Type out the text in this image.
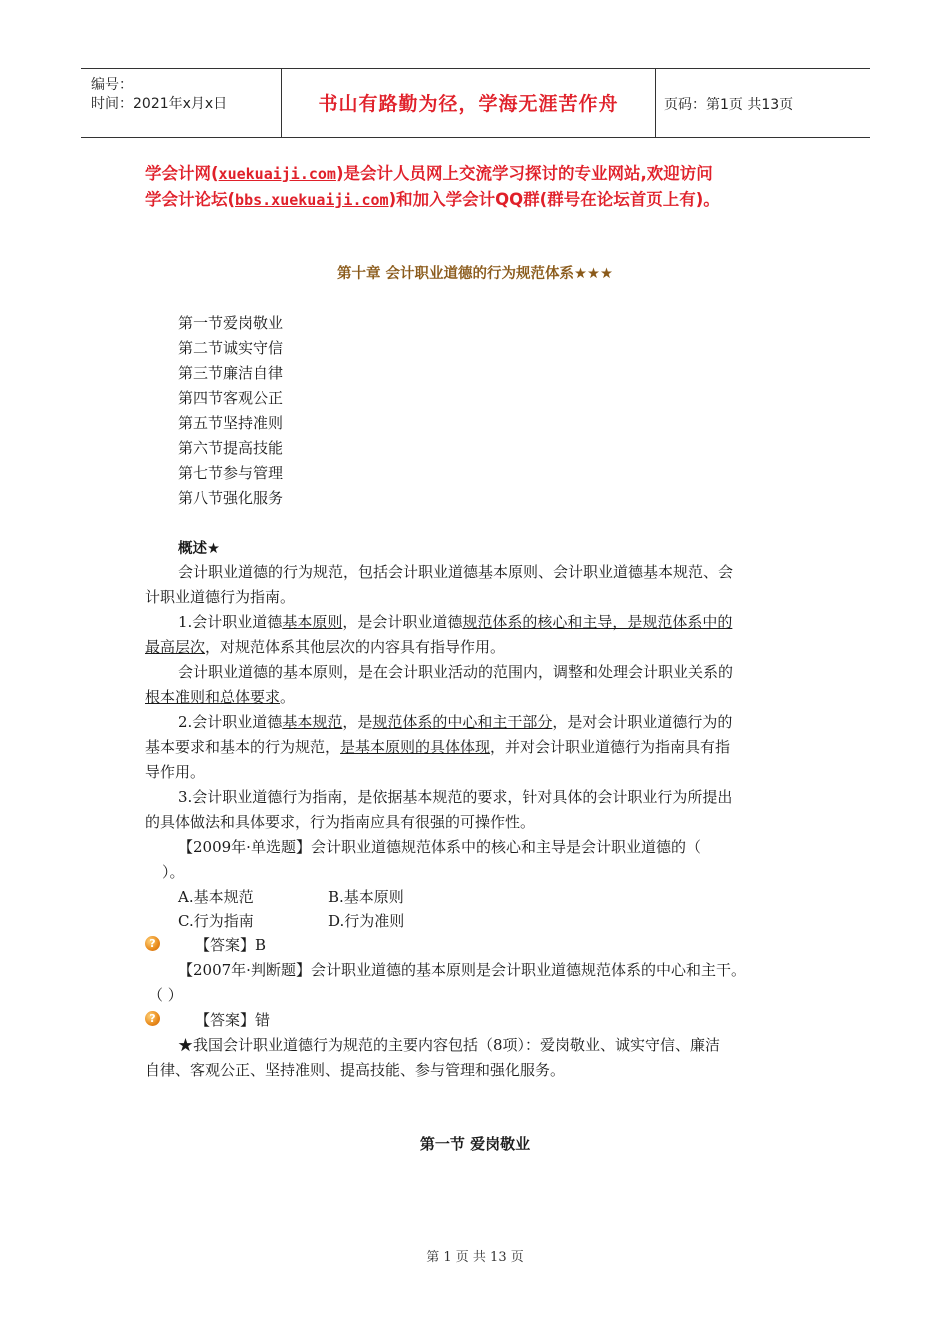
编号：
时间：2021年x月x日	书山有路勤为径，学海无涯苦作舟	页码：第1页 共13页
学会计网(xuekuaiji.com)是会计人员网上交流学习探讨的专业网站,欢迎访问
学会计论坛(bbs.xuekuaiji.com)和加入学会计QQ群(群号在论坛首页上有)。
第十章 会计职业道德的行为规范体系★★★
第一节爱岗敬业
第二节诚实守信
第三节廉洁自律
第四节客观公正
第五节坚持准则
第六节提高技能
第七节参与管理
第八节强化服务
概述★
会计职业道德的行为规范，包括会计职业道德基本原则、会计职业道德基本规范、会
计职业道德行为指南。
1.会计职业道德基本原则，是会计职业道德规范体系的核心和主导，是规范体系中的
最高层次，对规范体系其他层次的内容具有指导作用。
会计职业道德的基本原则，是在会计职业活动的范围内，调整和处理会计职业关系的
根本准则和总体要求。
2.会计职业道德基本规范，是规范体系的中心和主干部分，是对会计职业道德行为的
基本要求和基本的行为规范，是基本原则的具体体现，并对会计职业道德行为指南具有指
导作用。
3.会计职业道德行为指南，是依据基本规范的要求，针对具体的会计职业行为所提出
的具体做法和具体要求，行为指南应具有很强的可操作性。
【2009年·单选题】会计职业道德规范体系中的核心和主导是会计职业道德的（
）。
A.基本规范	B.基本原则
C.行为指南	D.行为准则
?	【答案】B
【2007年·判断题】会计职业道德的基本原则是会计职业道德规范体系的中心和主干。
（ ）
?	【答案】错
★我国会计职业道德行为规范的主要内容包括（8项）：爱岗敬业、诚实守信、廉洁
自律、客观公正、坚持准则、提高技能、参与管理和强化服务。
第一节 爱岗敬业
第 1 页 共 13 页
